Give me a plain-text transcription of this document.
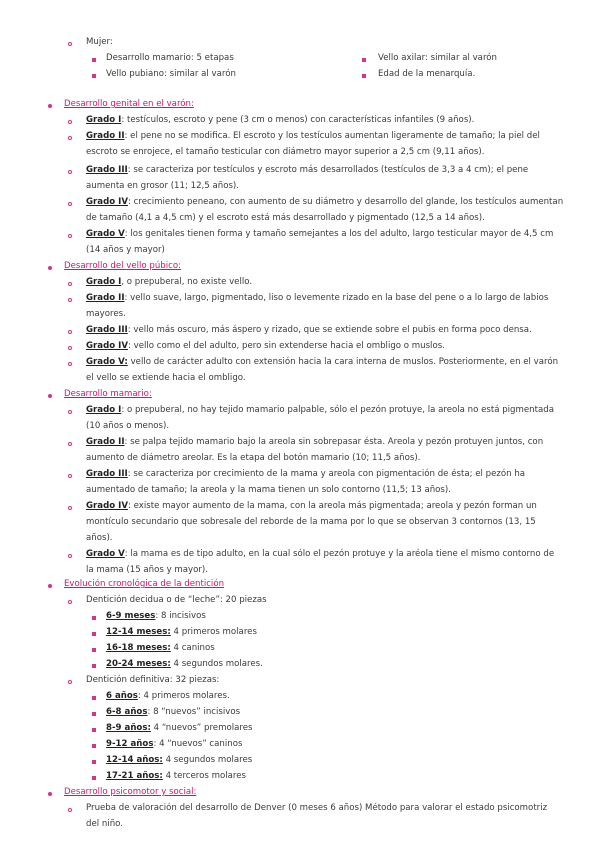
Mujer:
Desarrollo mamario: 5 etapas	Vello axilar: similar al varón
Vello pubiano: similar al varón	Edad de la menarquía.
Desarrollo genital en el varón:
Grado I: testículos, escroto y pene (3 cm o menos) con características infantiles (9 años).
Grado II: el pene no se modifica. El escroto y los testículos aumentan ligeramente de tamaño; la piel del
escroto se enrojece, el tamaño testicular con diámetro mayor superior a 2,5 cm (9,11 años).
Grado III: se caracteriza por testículos y escroto más desarrollados (testículos de 3,3 a 4 cm); el pene
aumenta en grosor (11; 12,5 años).
Grado IV: crecimiento peneano, con aumento de su diámetro y desarrollo del glande, los testículos aumentan
de tamaño (4,1 a 4,5 cm) y el escroto está más desarrollado y pigmentado (12,5 a 14 años).
Grado V: los genitales tienen forma y tamaño semejantes a los del adulto, largo testicular mayor de 4,5 cm
(14 años y mayor)
Desarrollo del vello púbico:
Grado I, o prepuberal, no existe vello.
Grado II: vello suave, largo, pigmentado, liso o levemente rizado en la base del pene o a lo largo de labios
mayores.
Grado III: vello más oscuro, más áspero y rizado, que se extiende sobre el pubis en forma poco densa.
Grado IV: vello como el del adulto, pero sin extenderse hacia el ombligo o muslos.
Grado V: vello de carácter adulto con extensión hacia la cara interna de muslos. Posteriormente, en el varón
el vello se extiende hacia el ombligo.
Desarrollo mamario:
Grado I: o prepuberal, no hay tejido mamario palpable, sólo el pezón protuye, la areola no está pigmentada
(10 años o menos).
Grado II: se palpa tejido mamario bajo la areola sin sobrepasar ésta. Areola y pezón protuyen juntos, con
aumento de diámetro areolar. Es la etapa del botón mamario (10; 11,5 años).
Grado III: se caracteriza por crecimiento de la mama y areola con pigmentación de ésta; el pezón ha
aumentado de tamaño; la areola y la mama tienen un solo contorno (11,5; 13 años).
Grado IV: existe mayor aumento de la mama, con la areola más pigmentada; areola y pezón forman un
montículo secundario que sobresale del reborde de la mama por lo que se observan 3 contornos (13, 15
años).
Grado V: la mama es de tipo adulto, en la cual sólo el pezón protuye y la aréola tiene el mismo contorno de
la mama (15 años y mayor).
Evolución cronológica de la dentición
Dentición decidua o de “leche”: 20 piezas
6-9 meses: 8 incisivos
12-14 meses: 4 primeros molares
16-18 meses: 4 caninos
20-24 meses: 4 segundos molares.
Dentición definitiva: 32 piezas:
6 años: 4 primeros molares.
6-8 años: 8 “nuevos” incisivos
8-9 años: 4 “nuevos” premolares
9-12 años: 4 “nuevos” caninos
12-14 años: 4 segundos molares
17-21 años: 4 terceros molares
Desarrollo psicomotor y social:
Prueba de valoración del desarrollo de Denver (0 meses 6 años) Método para valorar el estado psicomotriz
del niño.
